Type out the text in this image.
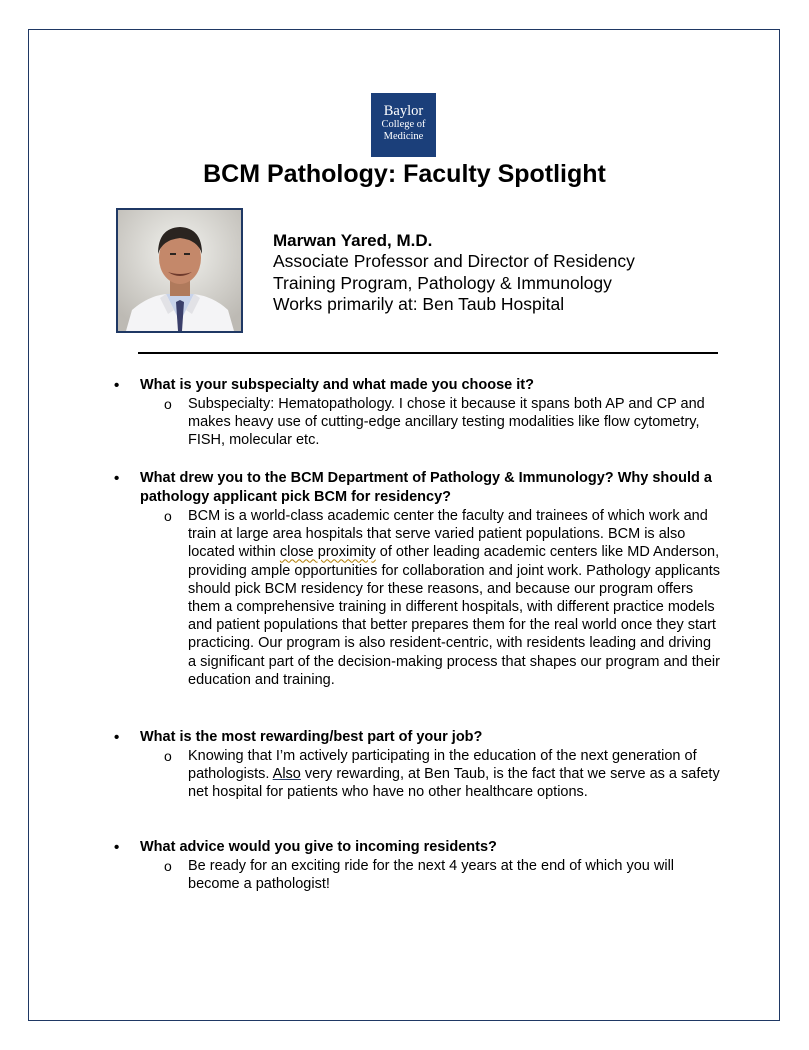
Baylor
College of
Medicine
BCM Pathology: Faculty Spotlight
Marwan Yared, M.D.
Associate Professor and Director of Residency
Training Program, Pathology & Immunology
Works primarily at: Ben Taub Hospital

• What is your subspecialty and what made you choose it?

o Subspecialty: Hematopathology. I chose it because it spans both AP and CP and makes heavy use of cutting-edge ancillary testing modalities like flow cytometry, FISH, molecular etc.

• What drew you to the BCM Department of Pathology & Immunology? Why should a pathology applicant pick BCM for residency?

o BCM is a world-class academic center the faculty and trainees of which work and train at large area hospitals that serve varied patient populations. BCM is also located within close proximity of other leading academic centers like MD Anderson, providing ample opportunities for collaboration and joint work. Pathology applicants should pick BCM residency for these reasons, and because our program offers them a comprehensive training in different hospitals, with different practice models and patient populations that better prepares them for the real world once they start practicing. Our program is also resident-centric, with residents leading and driving a significant part of the decision-making process that shapes our program and their education and training.

• What is the most rewarding/best part of your job?

o Knowing that I’m actively participating in the education of the next generation of pathologists. Also very rewarding, at Ben Taub, is the fact that we serve as a safety net hospital for patients who have no other healthcare options.

• What advice would you give to incoming residents?

o Be ready for an exciting ride for the next 4 years at the end of which you will become a pathologist!
